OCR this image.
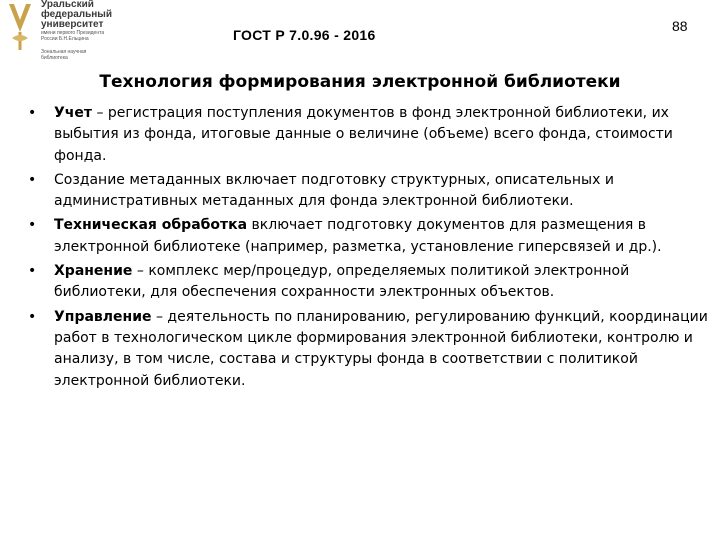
Уральский
федеральный
университет
имени первого Президента
России Б.Н.Ельцина
Зональная научная
библиотека
ГОСТ Р 7.0.96 - 2016
88
Технология формирования электронной библиотеки
• Учет – регистрация поступления документов в фонд электронной библиотеки, их выбытия из фонда, итоговые данные о величине (объеме) всего фонда, стоимости фонда.
• Создание метаданных включает подготовку структурных, описательных и административных метаданных для фонда электронной библиотеки.
• Техническая обработка включает подготовку документов для размещения в электронной библиотеке (например, разметка, установление гиперсвязей и др.).
• Хранение – комплекс мер/процедур, определяемых политикой электронной библиотеки, для обеспечения сохранности электронных объектов.
• Управление – деятельность по планированию, регулированию функций, координации работ в технологическом цикле формирования электронной библиотеки, контролю и анализу, в том числе, состава и структуры фонда в соответствии с политикой электронной библиотеки.
